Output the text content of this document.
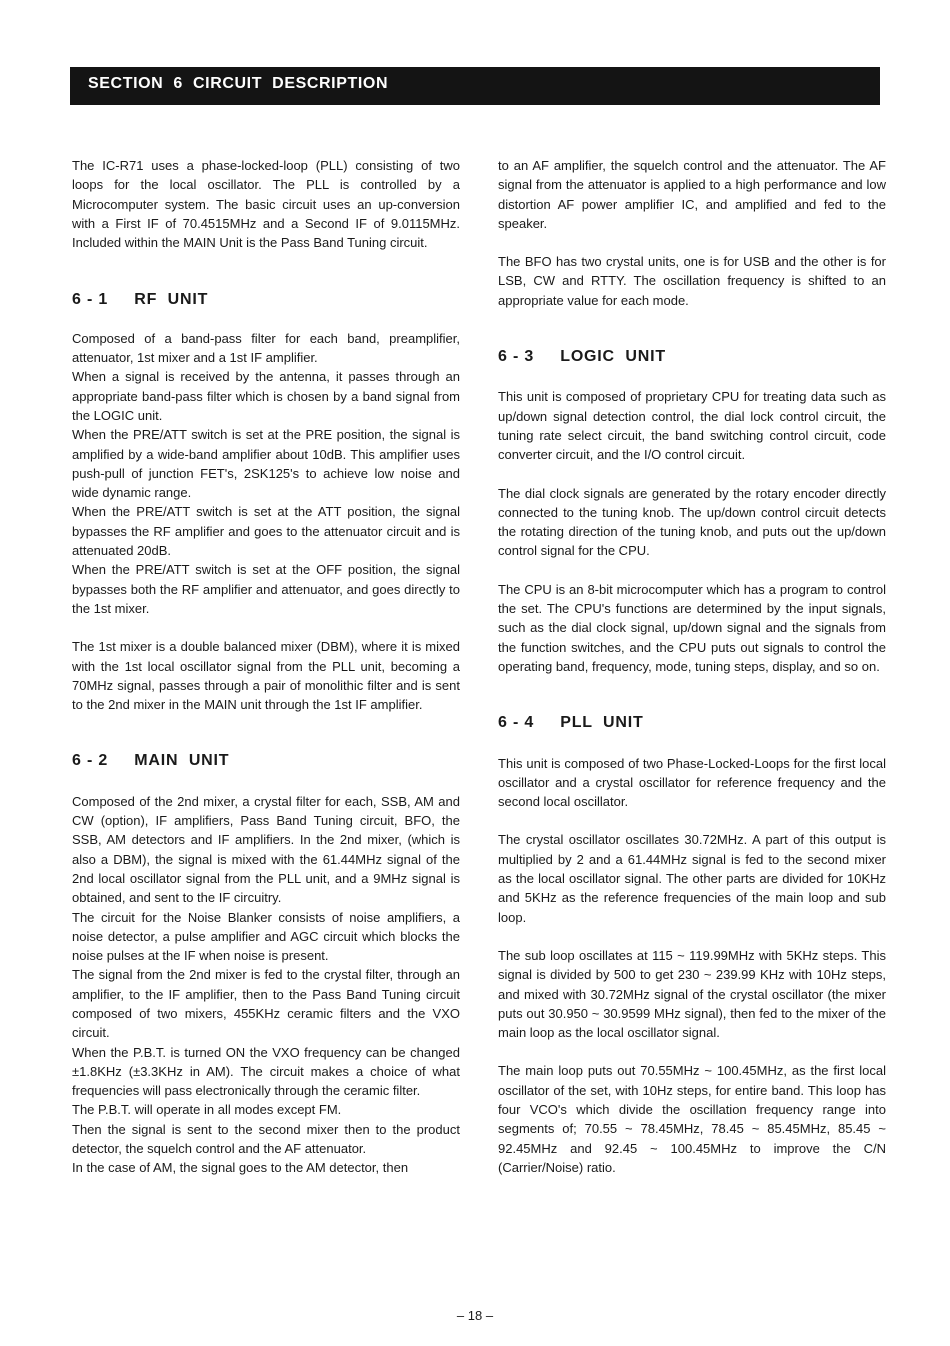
SECTION  6  CIRCUIT  DESCRIPTION

The IC-R71 uses a phase-locked-loop (PLL) consisting of two loops for the local oscillator. The PLL is controlled by a Microcomputer system. The basic circuit uses an up-conversion with a First IF of 70.4515MHz and a Second IF of 9.0115MHz. Included within the MAIN Unit is the Pass Band Tuning circuit.

6 - 1     RF  UNIT

Composed of a band-pass filter for each band, preamplifier, attenuator, 1st mixer and a 1st IF amplifier.

When a signal is received by the antenna, it passes through an appropriate band-pass filter which is chosen by a band signal from the LOGIC unit.

When the PRE/ATT switch is set at the PRE position, the signal is amplified by a wide-band amplifier about 10dB. This amplifier uses push-pull of junction FET's, 2SK125's to achieve low noise and wide dynamic range.

When the PRE/ATT switch is set at the ATT position, the signal bypasses the RF amplifier and goes to the attenuator circuit and is attenuated 20dB.

When the PRE/ATT switch is set at the OFF position, the signal bypasses both the RF amplifier and attenuator, and goes directly to the 1st mixer.

The 1st mixer is a double balanced mixer (DBM), where it is mixed with the 1st local oscillator signal from the PLL unit, becoming a 70MHz signal, passes through a pair of monolithic filter and is sent to the 2nd mixer in the MAIN unit through the 1st IF amplifier.

6 - 2     MAIN  UNIT

Composed of the 2nd mixer, a crystal filter for each, SSB, AM and CW (option), IF amplifiers, Pass Band Tuning circuit, BFO, the SSB, AM detectors and IF amplifiers. In the 2nd mixer, (which is also a DBM), the signal is mixed with the 61.44MHz signal of the 2nd local oscillator signal from the PLL unit, and a 9MHz signal is obtained, and sent to the IF circuitry.

The circuit for the Noise Blanker consists of noise amplifiers, a noise detector, a pulse amplifier and AGC circuit which blocks the noise pulses at the IF when noise is present.

The signal from the 2nd mixer is fed to the crystal filter, through an amplifier, to the IF amplifier, then to the Pass Band Tuning circuit composed of two mixers, 455KHz ceramic filters and the VXO circuit.

When the P.B.T. is turned ON the VXO frequency can be changed ±1.8KHz (±3.3KHz in AM). The circuit makes a choice of what frequencies will pass electronically through the ceramic filter.

The P.B.T. will operate in all modes except FM.

Then the signal is sent to the second mixer then to the product detector, the squelch control and the AF attenuator.

In the case of AM, the signal goes to the AM detector, then

to an AF amplifier, the squelch control and the attenuator. The AF signal from the attenuator is applied to a high performance and low distortion AF power amplifier IC, and amplified and fed to the speaker.

The BFO has two crystal units, one is for USB and the other is for LSB, CW and RTTY. The oscillation frequency is shifted to an appropriate value for each mode.

6 - 3     LOGIC  UNIT

This unit is composed of proprietary CPU for treating data such as up/down signal detection control, the dial lock control circuit, the tuning rate select circuit, the band switching control circuit, code converter circuit, and the I/O control circuit.

The dial clock signals are generated by the rotary encoder directly connected to the tuning knob. The up/down control circuit detects the rotating direction of the tuning knob, and puts out the up/down control signal for the CPU.

The CPU is an 8-bit microcomputer which has a program to control the set. The CPU's functions are determined by the input signals, such as the dial clock signal, up/down signal and the signals from the function switches, and the CPU puts out signals to control the operating band, frequency, mode, tuning steps, display, and so on.

6 - 4     PLL  UNIT

This unit is composed of two Phase-Locked-Loops for the first local oscillator and a crystal oscillator for reference frequency and the second local oscillator.

The crystal oscillator oscillates 30.72MHz. A part of this output is multiplied by 2 and a 61.44MHz signal is fed to the second mixer as the local oscillator signal. The other parts are divided for 10KHz and 5KHz as the reference frequencies of the main loop and sub loop.

The sub loop oscillates at 115 ~ 119.99MHz with 5KHz steps. This signal is divided by 500 to get 230 ~ 239.99 KHz with 10Hz steps, and mixed with 30.72MHz signal of the crystal oscillator (the mixer puts out 30.950 ~ 30.9599 MHz signal), then fed to the mixer of the main loop as the local oscillator signal.

The main loop puts out 70.55MHz ~ 100.45MHz, as the first local oscillator of the set, with 10Hz steps, for entire band. This loop has four VCO's which divide the oscillation frequency range into segments of; 70.55 ~ 78.45MHz, 78.45 ~ 85.45MHz, 85.45 ~ 92.45MHz and 92.45 ~ 100.45MHz to improve the C/N (Carrier/Noise) ratio.

– 18 –
